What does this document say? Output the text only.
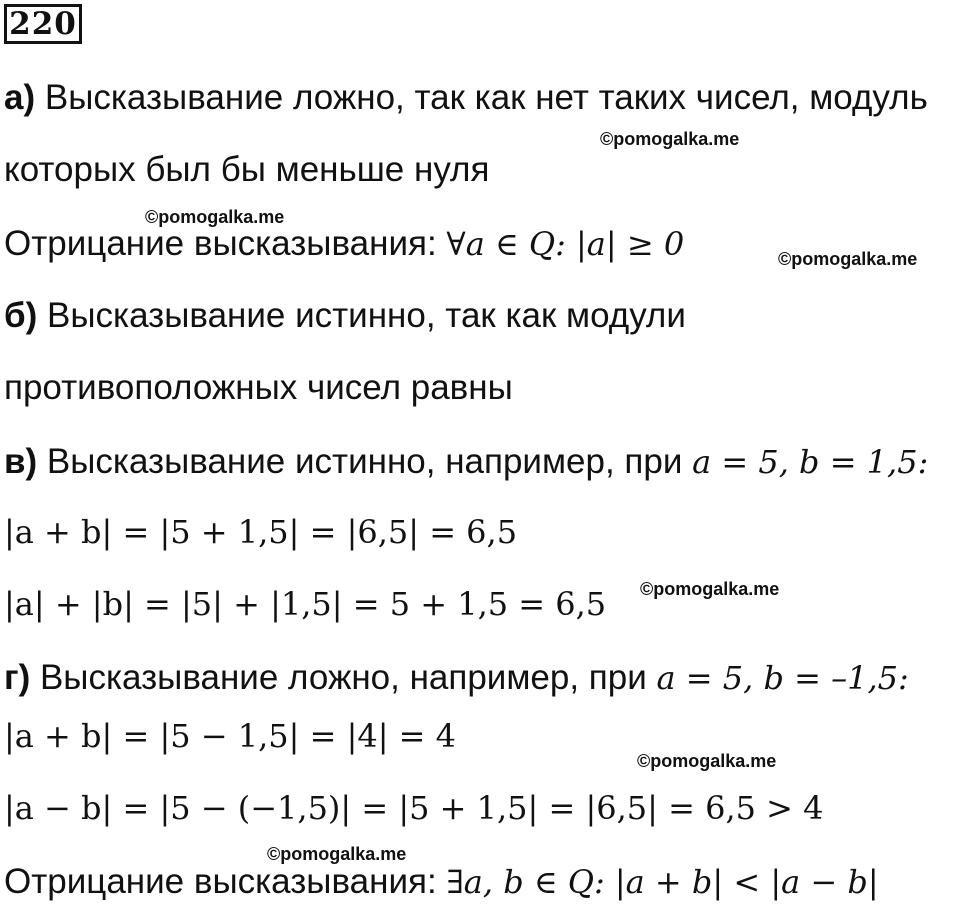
220
а) Высказывание ложно, так как нет таких чисел, модуль
которых был бы меньше нуля
Отрицание высказывания: ∀a ∈ Q: |a| ≥ 0
б) Высказывание истинно, так как модули
противоположных чисел равны
в) Высказывание истинно, например, при a = 5, b = 1,5:
|a + b| = |5 + 1,5| = |6,5| = 6,5
|a| + |b| = |5| + |1,5| = 5 + 1,5 = 6,5
г) Высказывание ложно, например, при a = 5, b = –1,5:
|a + b| = |5 − 1,5| = |4| = 4
|a − b| = |5 − (−1,5)| = |5 + 1,5| = |6,5| = 6,5 > 4
Отрицание высказывания: ∃a, b ∈ Q: |a + b| < |a − b|
©pomogalka.me
©pomogalka.me
©pomogalka.me
©pomogalka.me
©pomogalka.me
©pomogalka.me
